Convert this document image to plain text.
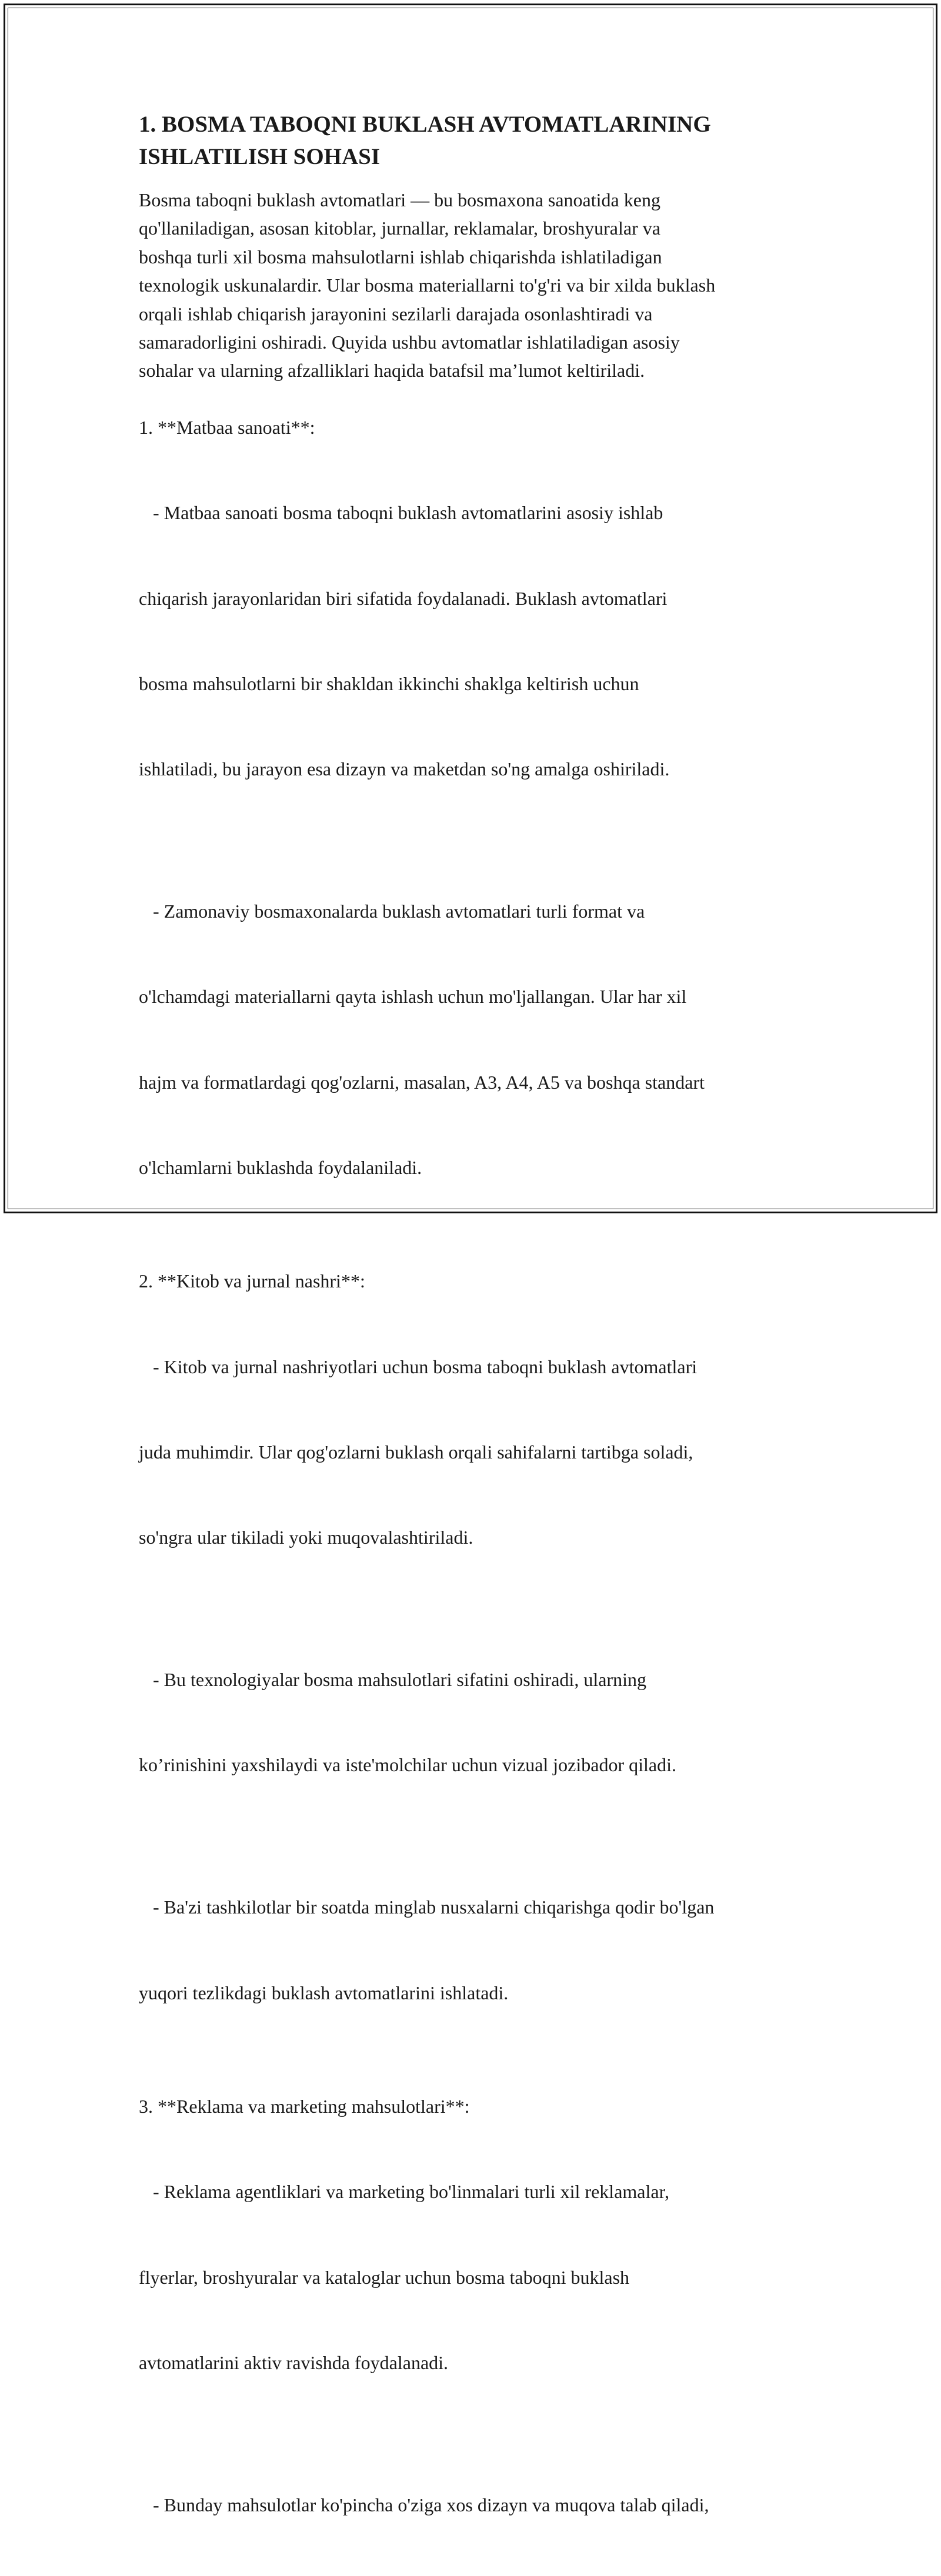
1. BOSMA TABOQNI BUKLASH AVTOMATLARINING
ISHLATILISH SOHASI

Bosma taboqni buklash avtomatlari — bu bosmaxona sanoatida keng
qo'llaniladigan, asosan kitoblar, jurnallar, reklamalar, broshyuralar va
boshqa turli xil bosma mahsulotlarni ishlab chiqarishda ishlatiladigan
texnologik uskunalardir. Ular bosma materiallarni to'g'ri va bir xilda buklash
orqali ishlab chiqarish jarayonini sezilarli darajada osonlashtiradi va
samaradorligini oshiradi. Quyida ushbu avtomatlar ishlatiladigan asosiy
sohalar va ularning afzalliklari haqida batafsil ma’lumot keltiriladi.

1. **Matbaa sanoati**:

- Matbaa sanoati bosma taboqni buklash avtomatlarini asosiy ishlab

chiqarish jarayonlaridan biri sifatida foydalanadi. Buklash avtomatlari

bosma mahsulotlarni bir shakldan ikkinchi shaklga keltirish uchun

ishlatiladi, bu jarayon esa dizayn va maketdan so'ng amalga oshiriladi.

- Zamonaviy bosmaxonalarda buklash avtomatlari turli format va

o'lchamdagi materiallarni qayta ishlash uchun mo'ljallangan. Ular har xil

hajm va formatlardagi qog'ozlarni, masalan, A3, A4, A5 va boshqa standart

o'lchamlarni buklashda foydalaniladi.

2. **Kitob va jurnal nashri**:

- Kitob va jurnal nashriyotlari uchun bosma taboqni buklash avtomatlari

juda muhimdir. Ular qog'ozlarni buklash orqali sahifalarni tartibga soladi,

so'ngra ular tikiladi yoki muqovalashtiriladi.

- Bu texnologiyalar bosma mahsulotlari sifatini oshiradi, ularning

ko’rinishini yaxshilaydi va iste'molchilar uchun vizual jozibador qiladi.

- Ba'zi tashkilotlar bir soatda minglab nusxalarni chiqarishga qodir bo'lgan

yuqori tezlikdagi buklash avtomatlarini ishlatadi.

3. **Reklama va marketing mahsulotlari**:

- Reklama agentliklari va marketing bo'linmalari turli xil reklamalar,

flyerlar, broshyuralar va kataloglar uchun bosma taboqni buklash

avtomatlarini aktiv ravishda foydalanadi.

- Bunday mahsulotlar ko'pincha o'ziga xos dizayn va muqova talab qiladi,
